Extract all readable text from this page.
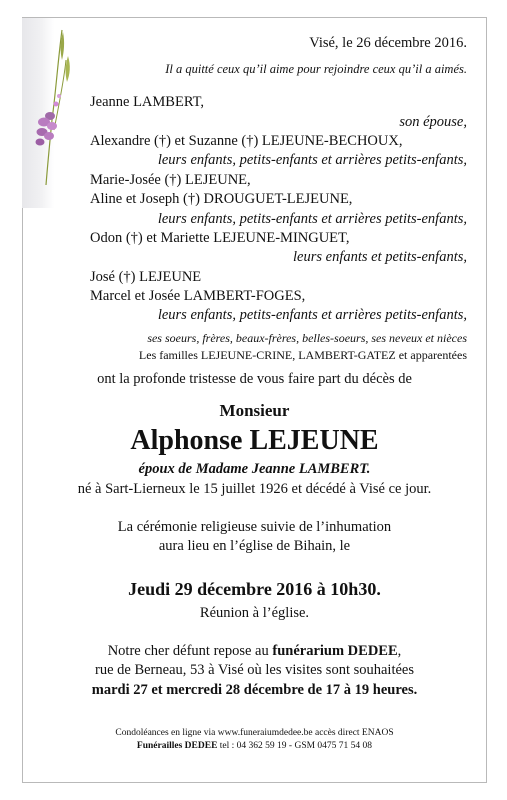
Visé, le 26 décembre 2016.
Il a quitté ceux qu’il aime pour rejoindre ceux qu’il a aimés.
Jeanne LAMBERT,
son épouse,
Alexandre (†) et Suzanne (†) LEJEUNE-BECHOUX,
leurs enfants, petits-enfants et arrières petits-enfants,
Marie-Josée (†) LEJEUNE,
Aline et Joseph (†) DROUGUET-LEJEUNE,
leurs enfants, petits-enfants et arrières petits-enfants,
Odon (†) et Mariette LEJEUNE-MINGUET,
leurs enfants et petits-enfants,
José (†) LEJEUNE
Marcel et Josée LAMBERT-FOGES,
leurs enfants, petits-enfants et arrières petits-enfants,
ses soeurs, frères, beaux-frères, belles-soeurs, ses neveux et nièces
Les familles LEJEUNE-CRINE, LAMBERT-GATEZ et apparentées
ont la profonde tristesse de vous faire part du décès de
Monsieur
Alphonse LEJEUNE
époux de Madame Jeanne LAMBERT.
né à Sart-Lierneux le 15 juillet 1926 et décédé à Visé ce jour.
La cérémonie religieuse suivie de l’inhumation
aura lieu en l’église de Bihain, le
Jeudi 29 décembre 2016 à 10h30.
Réunion à l’église.
Notre cher défunt repose au funérarium DEDEE,
rue de Berneau, 53 à Visé où les visites sont souhaitées
mardi 27 et mercredi 28 décembre de 17 à 19 heures.
Condoléances en ligne via www.funeraiumdedee.be accès direct ENAOS
Funérailles DEDEE tel : 04 362 59 19 - GSM 0475 71 54 08
